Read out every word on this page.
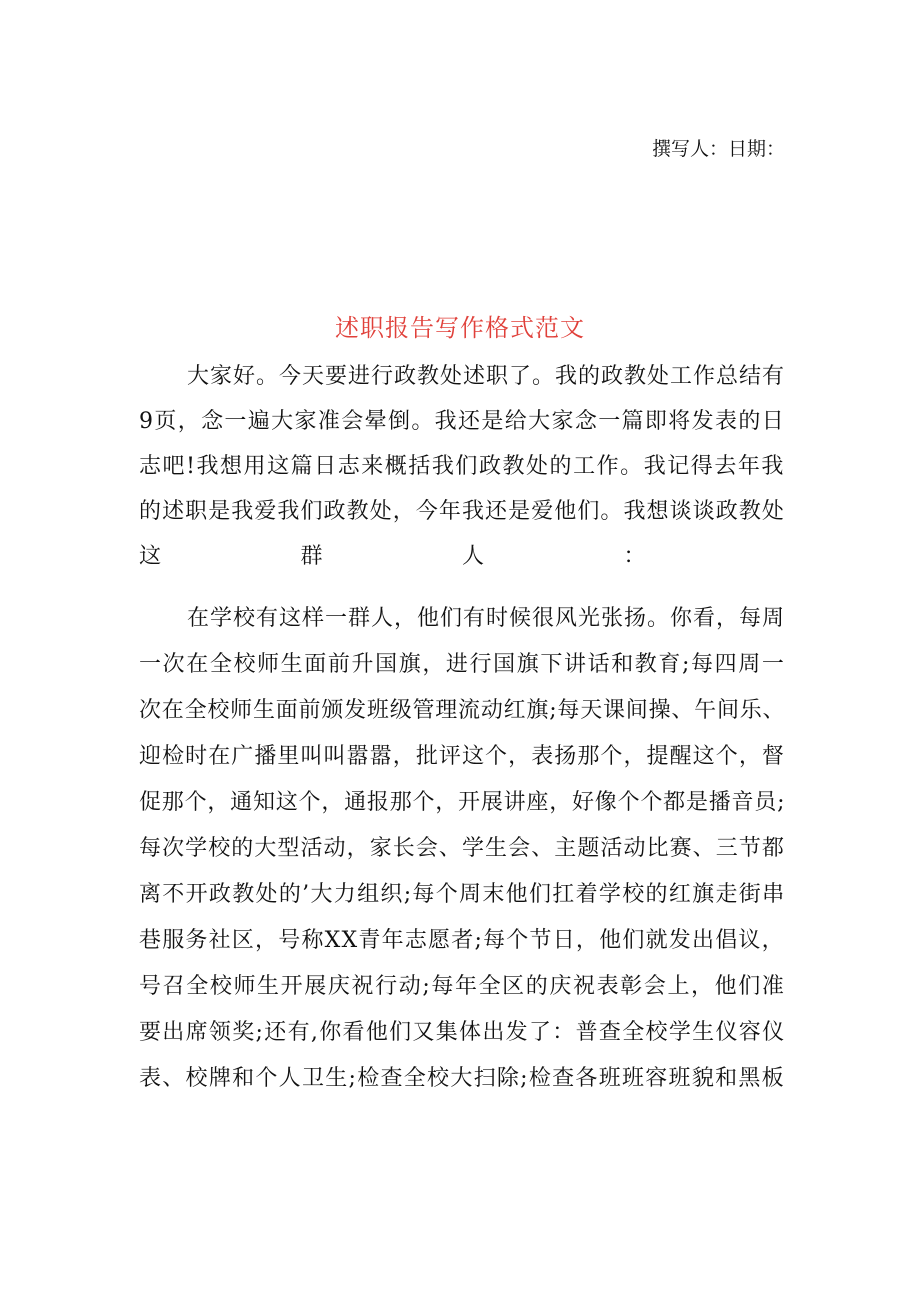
撰写人：日期：
述职报告写作格式范文
大家好。今天要进行政教处述职了。我的政教处工作总结有
9页，念一遍大家准会晕倒。我还是给大家念一篇即将发表的日
志吧!我想用这篇日志来概括我们政教处的工作。我记得去年我
的述职是我爱我们政教处，今年我还是爱他们。我想谈谈政教处
这群人：
在学校有这样一群人，他们有时候很风光张扬。你看，每周
一次在全校师生面前升国旗，进行国旗下讲话和教育;每四周一
次在全校师生面前颁发班级管理流动红旗;每天课间操、午间乐、
迎检时在广播里叫叫嚣嚣，批评这个，表扬那个，提醒这个，督
促那个，通知这个，通报那个，开展讲座，好像个个都是播音员;
每次学校的大型活动，家长会、学生会、主题活动比赛、三节都
离不开政教处的’大力组织;每个周末他们扛着学校的红旗走街串
巷服务社区，号称XX青年志愿者;每个节日，他们就发出倡议，
号召全校师生开展庆祝行动;每年全区的庆祝表彰会上，他们准
要出席领奖;还有,你看他们又集体出发了：普查全校学生仪容仪
表、校牌和个人卫生;检查全校大扫除;检查各班班容班貌和黑板
